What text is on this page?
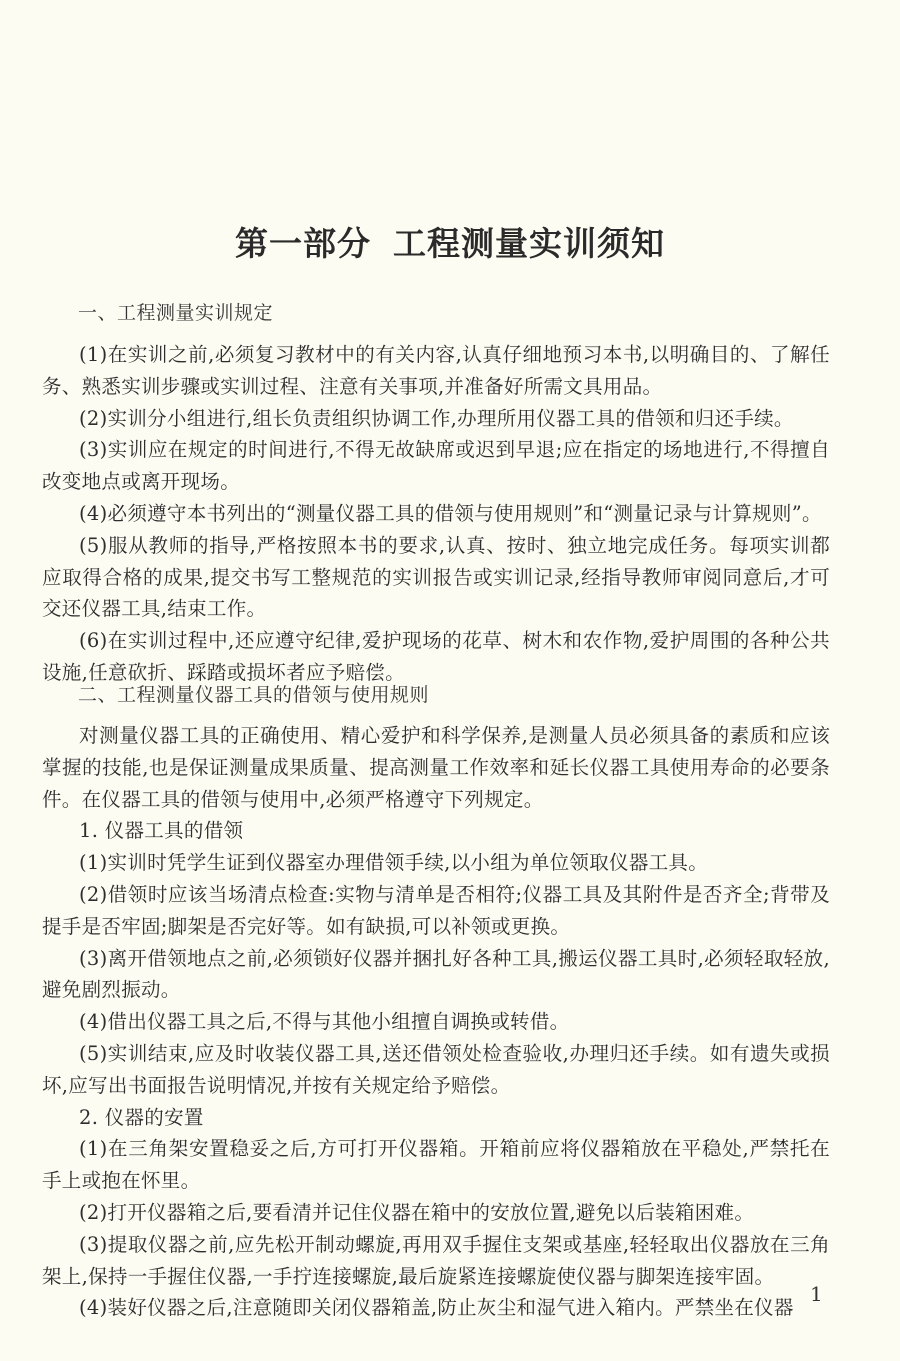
第一部分 工程测量实训须知
一、工程测量实训规定

(1)在实训之前,必须复习教材中的有关内容,认真仔细地预习本书,以明确目的、了解任务、熟悉实训步骤或实训过程、注意有关事项,并准备好所需文具用品。

(2)实训分小组进行,组长负责组织协调工作,办理所用仪器工具的借领和归还手续。

(3)实训应在规定的时间进行,不得无故缺席或迟到早退;应在指定的场地进行,不得擅自改变地点或离开现场。

(4)必须遵守本书列出的“测量仪器工具的借领与使用规则”和“测量记录与计算规则”。

(5)服从教师的指导,严格按照本书的要求,认真、按时、独立地完成任务。每项实训都应取得合格的成果,提交书写工整规范的实训报告或实训记录,经指导教师审阅同意后,才可交还仪器工具,结束工作。

(6)在实训过程中,还应遵守纪律,爱护现场的花草、树木和农作物,爱护周围的各种公共设施,任意砍折、踩踏或损坏者应予赔偿。

二、工程测量仪器工具的借领与使用规则

对测量仪器工具的正确使用、精心爱护和科学保养,是测量人员必须具备的素质和应该掌握的技能,也是保证测量成果质量、提高测量工作效率和延长仪器工具使用寿命的必要条件。在仪器工具的借领与使用中,必须严格遵守下列规定。

1. 仪器工具的借领

(1)实训时凭学生证到仪器室办理借领手续,以小组为单位领取仪器工具。

(2)借领时应该当场清点检查:实物与清单是否相符;仪器工具及其附件是否齐全;背带及提手是否牢固;脚架是否完好等。如有缺损,可以补领或更换。

(3)离开借领地点之前,必须锁好仪器并捆扎好各种工具,搬运仪器工具时,必须轻取轻放,避免剧烈振动。

(4)借出仪器工具之后,不得与其他小组擅自调换或转借。

(5)实训结束,应及时收装仪器工具,送还借领处检查验收,办理归还手续。如有遗失或损坏,应写出书面报告说明情况,并按有关规定给予赔偿。

2. 仪器的安置

(1)在三角架安置稳妥之后,方可打开仪器箱。开箱前应将仪器箱放在平稳处,严禁托在手上或抱在怀里。

(2)打开仪器箱之后,要看清并记住仪器在箱中的安放位置,避免以后装箱困难。

(3)提取仪器之前,应先松开制动螺旋,再用双手握住支架或基座,轻轻取出仪器放在三角架上,保持一手握住仪器,一手拧连接螺旋,最后旋紧连接螺旋使仪器与脚架连接牢固。

(4)装好仪器之后,注意随即关闭仪器箱盖,防止灰尘和湿气进入箱内。严禁坐在仪器

1
